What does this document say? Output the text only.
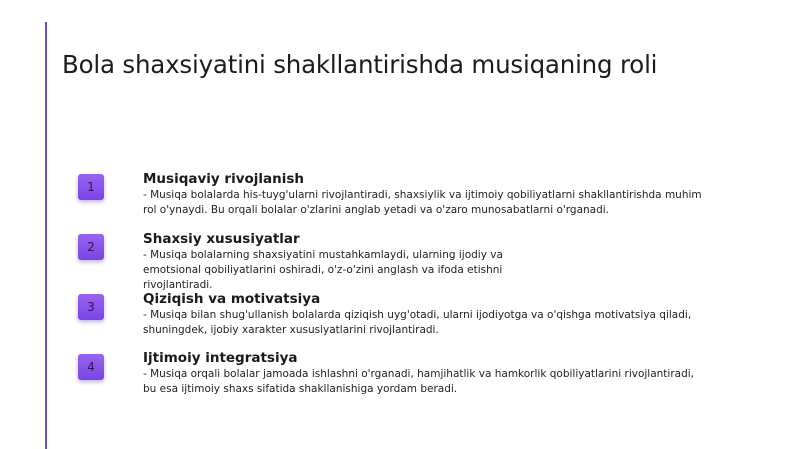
Bola shaxsiyatini shakllantirishda musiqaning roli
1	Musiqaviy rivojlanish
- Musiqa bolalarda his-tuyg'ularni rivojlantiradi, shaxsiylik va ijtimoiy qobiliyatlarni shakllantirishda muhim
rol o'ynaydi. Bu orqali bolalar o'zlarini anglab yetadi va o'zaro munosabatlarni o'rganadi.
2	Shaxsiy xususiyatlar
- Musiqa bolalarning shaxsiyatini mustahkamlaydi, ularning ijodiy va
emotsional qobiliyatlarini oshiradi, o'z-o'zini anglash va ifoda etishni
rivojlantiradi.
3	Qiziqish va motivatsiya
- Musiqa bilan shug'ullanish bolalarda qiziqish uyg'otadi, ularni ijodiyotga va o'qishga motivatsiya qiladi,
shuningdek, ijobiy xarakter xususiyatlarini rivojlantiradi.
4
Ijtimoiy integratsiya
- Musiqa orqali bolalar jamoada ishlashni o'rganadi, hamjihatlik va hamkorlik qobiliyatlarini rivojlantiradi,
bu esa ijtimoiy shaxs sifatida shakllanishiga yordam beradi.
